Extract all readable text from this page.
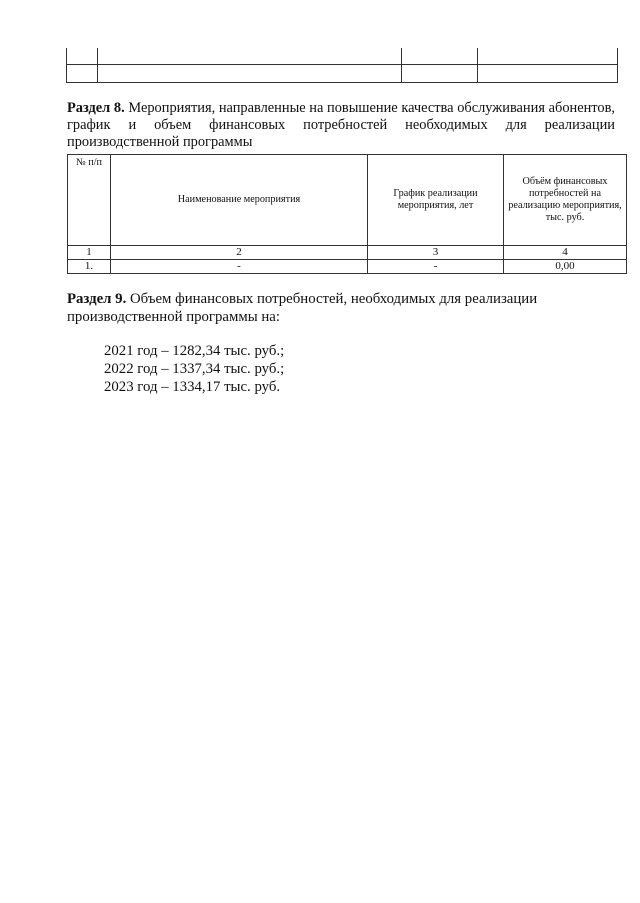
Раздел 8. Мероприятия, направленные на повышение качества обслуживания абонентов, график и объем финансовых потребностей необходимых для реализации производственной программы
№ п/п	Наименование мероприятия	График реализации мероприятия, лет	Объём финансовых потребностей на реализацию мероприятия, тыс. руб.
1	2	3	4
1.	-	-	0,00
Раздел 9. Объем финансовых потребностей, необходимых для реализации производственной программы на:
2021 год – 1282,34 тыс. руб.;
2022 год – 1337,34 тыс. руб.;
2023 год – 1334,17 тыс. руб.
